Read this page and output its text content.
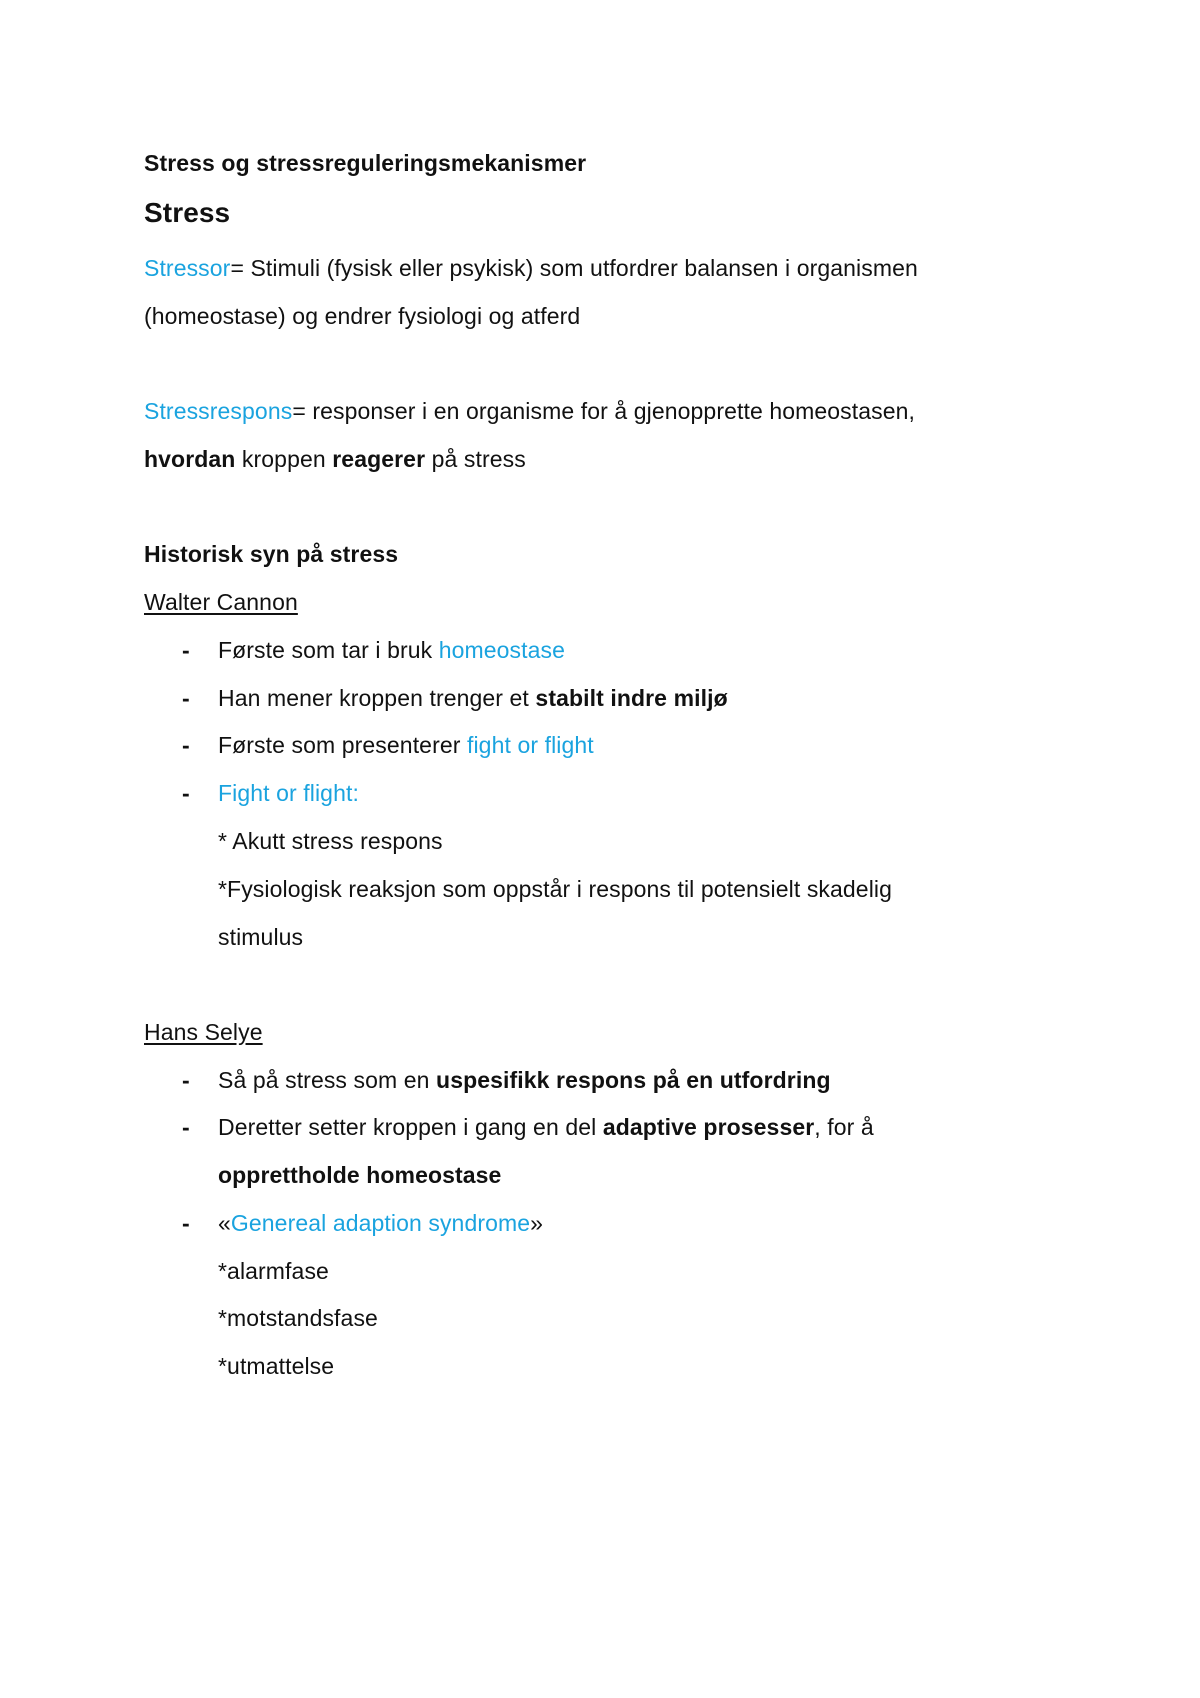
Stress og stressreguleringsmekanismer
Stress
Stressor= Stimuli (fysisk eller psykisk) som utfordrer balansen i organismen
(homeostase) og endrer fysiologi og atferd
Stressrespons= responser i en organisme for å gjenopprette homeostasen,
hvordan kroppen reagerer på stress
Historisk syn på stress
Walter Cannon
-	Første som tar i bruk homeostase
-	Han mener kroppen trenger et stabilt indre miljø
-	Første som presenterer fight or flight
-	Fight or flight:
* Akutt stress respons
*Fysiologisk reaksjon som oppstår i respons til potensielt skadelig
stimulus
Hans Selye
-	Så på stress som en uspesifikk respons på en utfordring
-	Deretter setter kroppen i gang en del adaptive prosesser, for å
opprettholde homeostase
-	«Genereal adaption syndrome»
*alarmfase
*motstandsfase
*utmattelse
